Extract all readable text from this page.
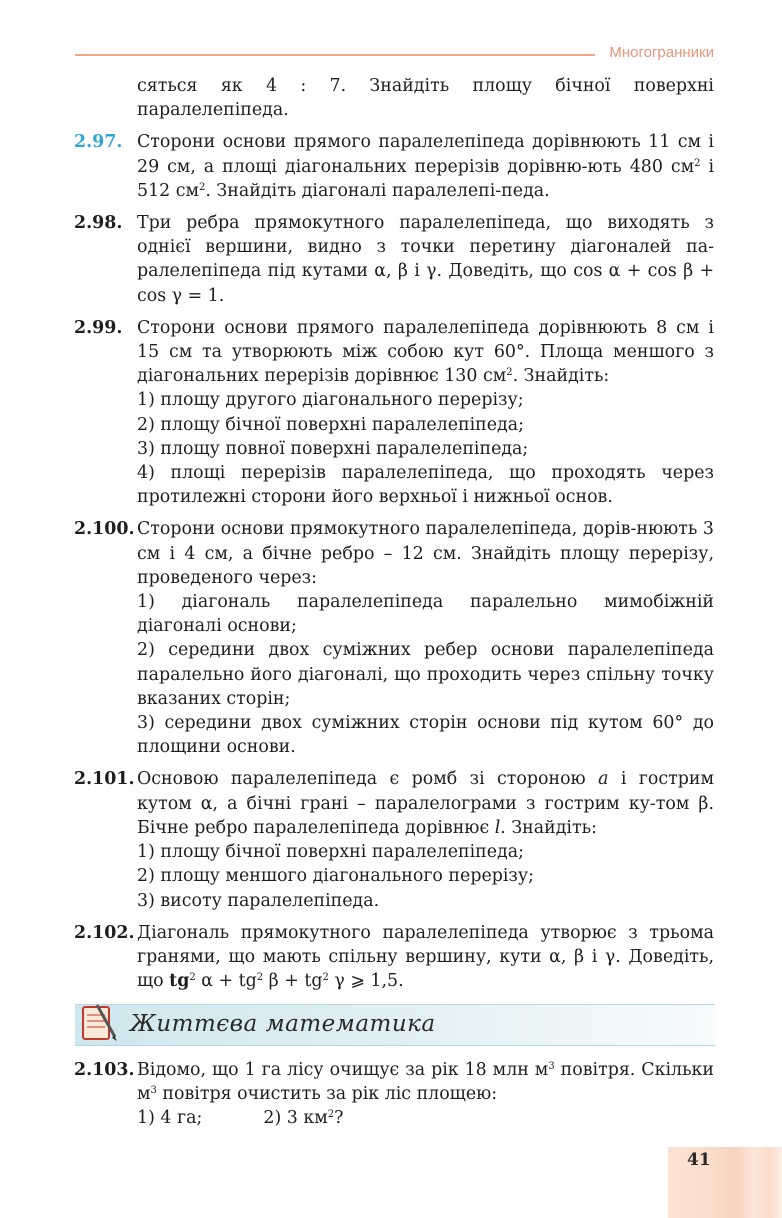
Многогранники
сяться як 4 : 7. Знайдіть площу бічної поверхні
паралелепіпеда.
2.97. Сторони основи прямого паралелепіпеда дорівнюють 11 см і 29 см, а площі діагональних перерізів дорівню-ють 480 $см^2$ і 512 $см^2$. Знайдіть діагоналі паралелепі-педа.
2.98. Три ребра прямокутного паралелепіпеда, що виходять з однієї вершини, видно з точки перетину діагоналей па-ралелепіпеда під кутами α, β і γ. Доведіть, що cos α + cos β + cos γ = 1.
2.99. Сторони основи прямого паралелепіпеда дорівнюють 8 см і 15 см та утворюють між собою кут 60°. Площа меншого з діагональних перерізів дорівнює 130 $см^2$. Знайдіть:
1) площу другого діагонального перерізу;
2) площу бічної поверхні паралелепіпеда;
3) площу повної поверхні паралелепіпеда;
4) площі перерізів паралелепіпеда, що проходять через протилежні сторони його верхньої і нижньої основ.
2.100. Сторони основи прямокутного паралелепіпеда, дорів-нюють 3 см і 4 см, а бічне ребро – 12 см. Знайдіть площу перерізу, проведеного через:
1) діагональ паралелепіпеда паралельно мимобіжній діагоналі основи;
2) середини двох суміжних ребер основи паралелепіпеда паралельно його діагоналі, що проходить через спільну точку вказаних сторін;
3) середини двох суміжних сторін основи під кутом 60° до площини основи.
2.101. Основою паралелепіпеда є ромб зі стороною a і гострим кутом α, а бічні грані – паралелограми з гострим ку-том β. Бічне ребро паралелепіпеда дорівнює l. Знайдіть:
1) площу бічної поверхні паралелепіпеда;
2) площу меншого діагонального перерізу;
3) висоту паралелепіпеда.
2.102. Діагональ прямокутного паралелепіпеда утворює з трьома гранями, що мають спільну вершину, кути α, β і γ. Доведіть, що $tg^2$ $\alpha + tg^2$ $\beta + tg^2$ γ ⩾ 1,5.
Життєва математика
2.103. Відомо, що 1 га лісу очищує за рік 18 млн $м^3$ повітря. Скільки $м^3$ повітря очистить за рік ліс площею:
1) 4 га;	2) 3 $км^2$?
41
